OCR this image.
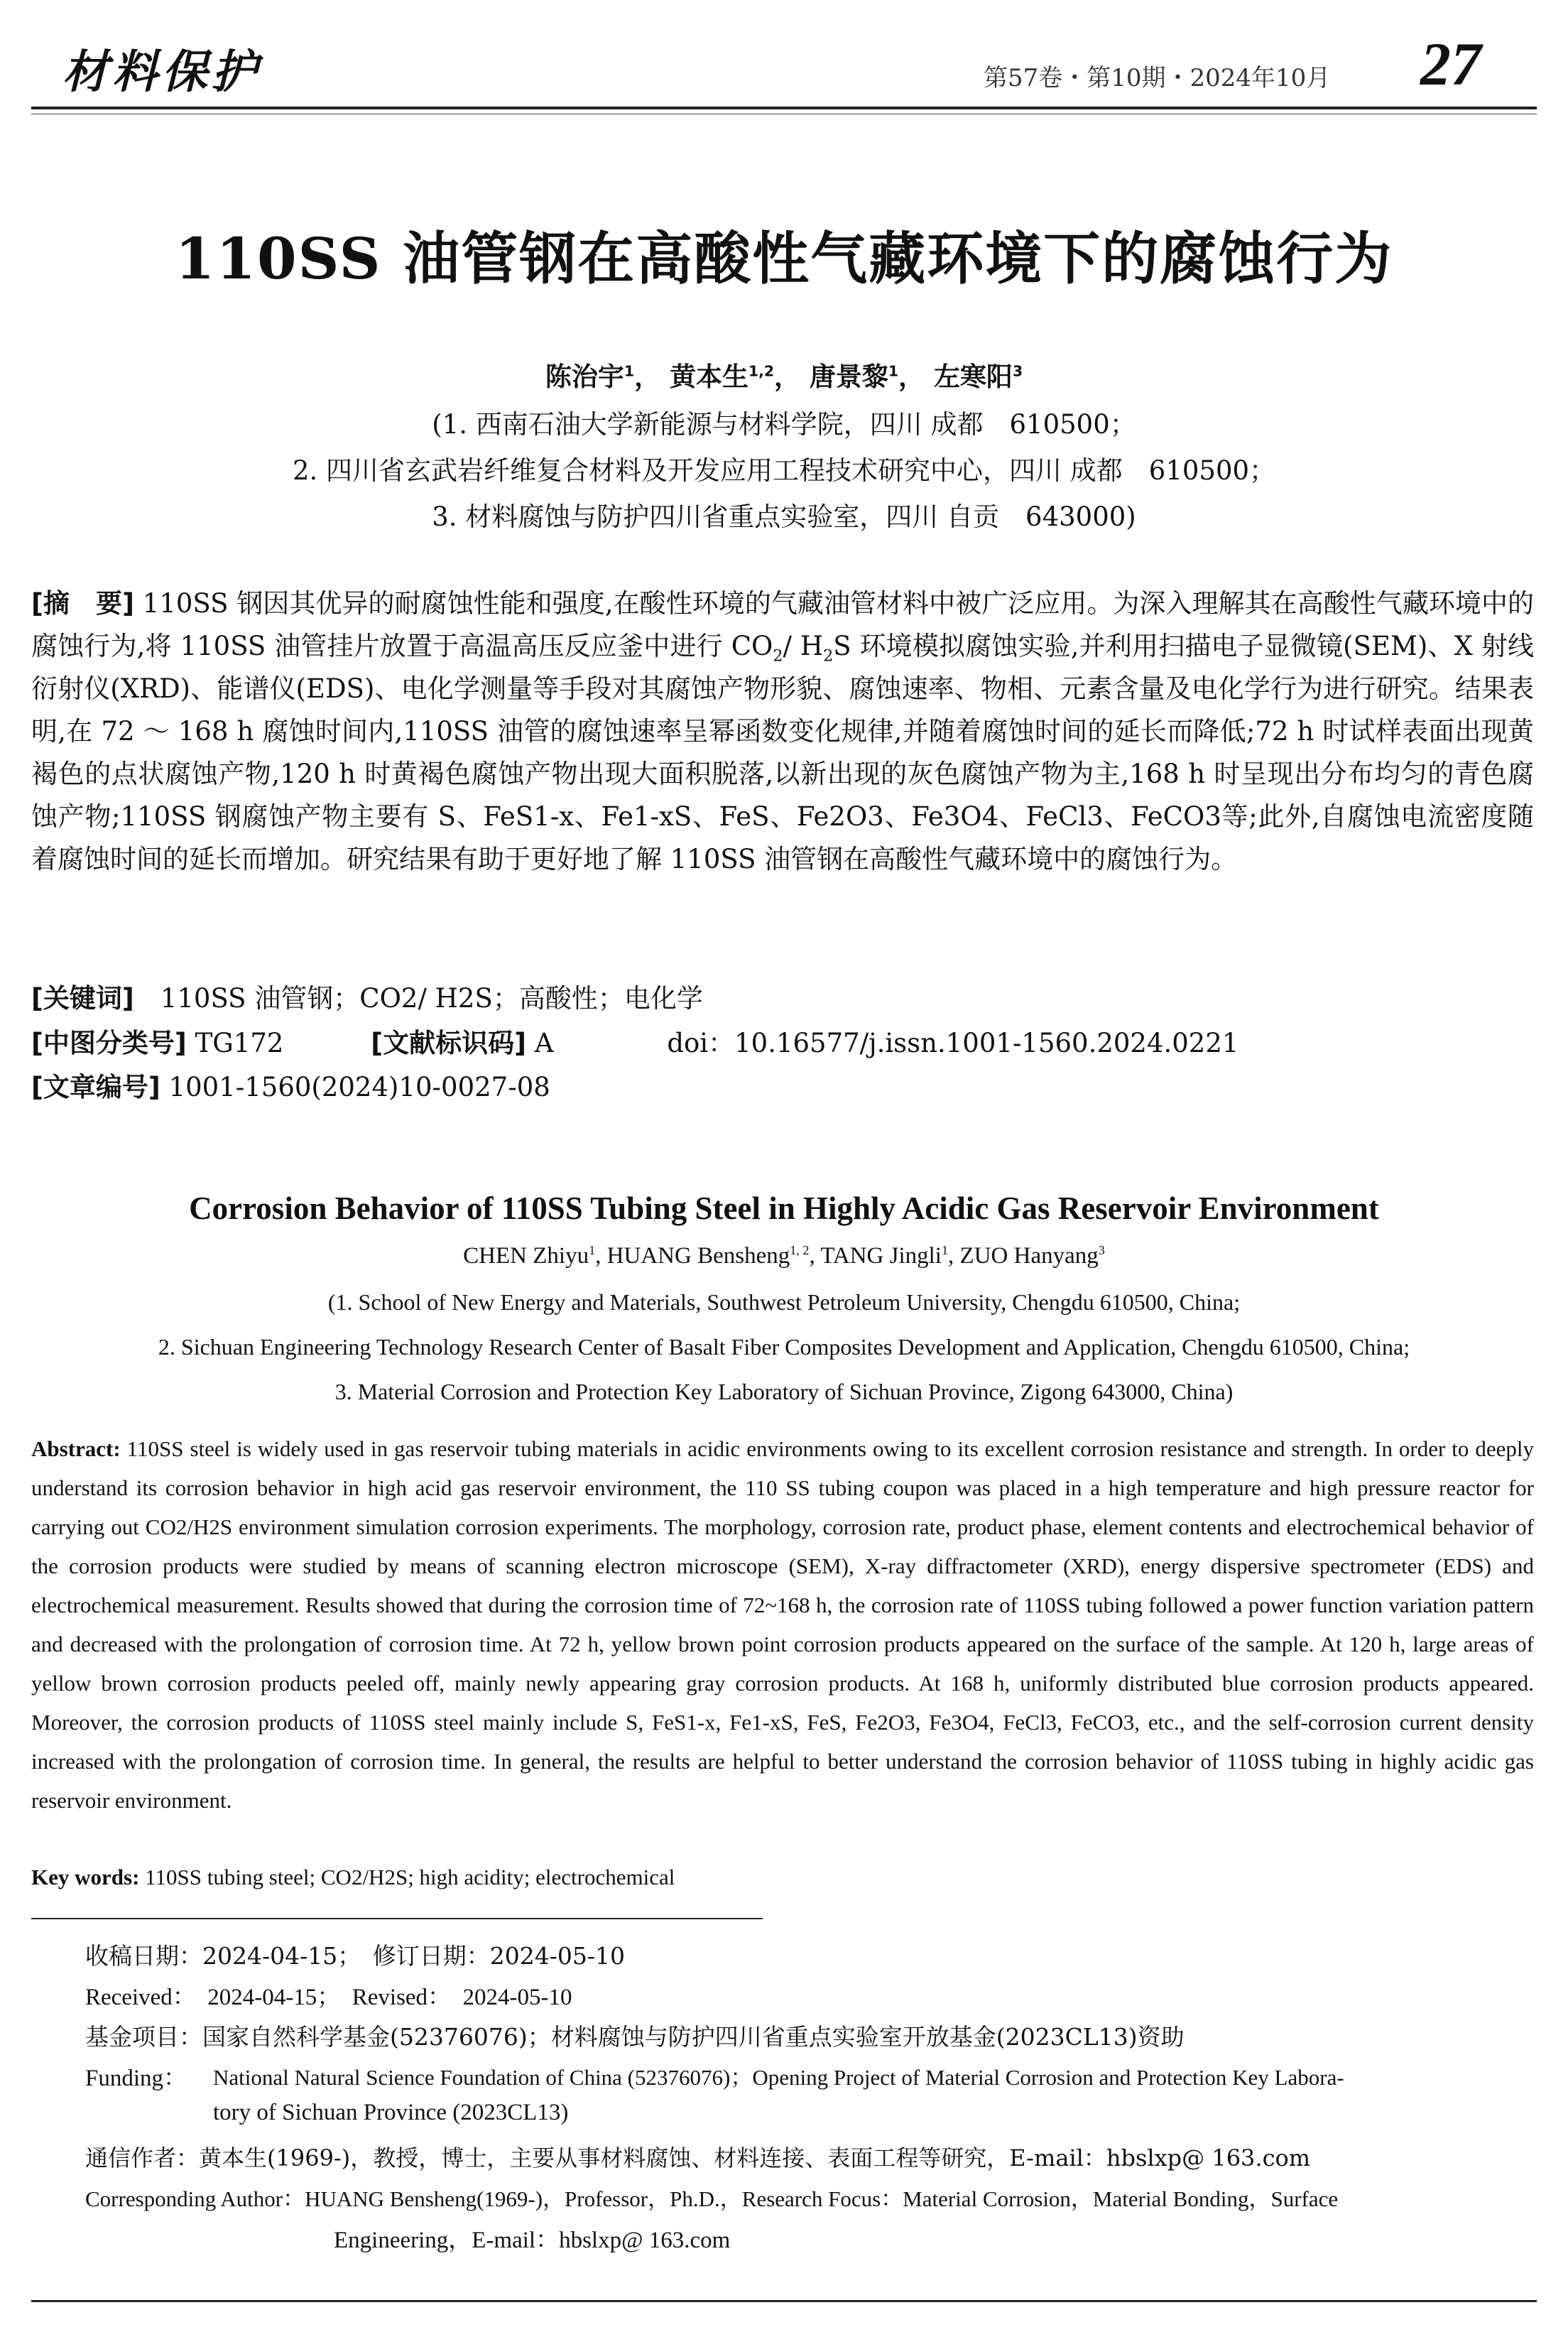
材料保护	第57卷・第10期・2024年10月 27
110SS 油管钢在高酸性气藏环境下的腐蚀行为
陈治宇$^1$， 黄本生$^{1,2}$， 唐景黎$^1$， 左寒阳$^3$
(1. 西南石油大学新能源与材料学院，四川 成都　610500；
2. 四川省玄武岩纤维复合材料及开发应用工程技术研究中心，四川 成都　610500；
3. 材料腐蚀与防护四川省重点实验室，四川 自贡　643000)
[摘　要] 110SS 钢因其优异的耐腐蚀性能和强度,在酸性环境的气藏油管材料中被广泛应用。为深入理解其在高酸性气藏环境中的腐蚀行为,将 110SS 油管挂片放置于高温高压反应釜中进行 $CO_2/$ $H_2S$ 环境模拟腐蚀实验,并利用扫描电子显微镜(SEM)、X 射线衍射仪(XRD)、能谱仪(EDS)、电化学测量等手段对其腐蚀产物形貌、腐蚀速率、物相、元素含量及电化学行为进行研究。结果表明,在 72 ～ 168 h 腐蚀时间内,110SS 油管的腐蚀速率呈幂函数变化规律,并随着腐蚀时间的延长而降低;72 h 时试样表面出现黄褐色的点状腐蚀产物,120 h 时黄褐色腐蚀产物出现大面积脱落,以新出现的灰色腐蚀产物为主,168 h 时呈现出分布均匀的青色腐蚀产物;110SS 钢腐蚀产物主要有 S、FeS1-x、Fe1-xS、FeS、Fe2O3、Fe3O4、FeCl3、FeCO3等;此外,自腐蚀电流密度随着腐蚀时间的延长而增加。研究结果有助于更好地了解 110SS 油管钢在高酸性气藏环境中的腐蚀行为。
[关键词]　 110SS 油管钢；CO2/ H2S；高酸性；电化学
[中图分类号] TG172　　　	[文献标识码] A　　　　	doi：10.16577/j.issn.1001-1560.2024.0221
[文章编号] 1001-1560(2024)10-0027-08
Corrosion Behavior of 110SS Tubing Steel in Highly Acidic Gas Reservoir Environment
CHEN Zhiyu$^1$, HUANG Bensheng$^{1, 2}$, TANG Jingli$^1$, ZUO Hanyang$^3$
(1. School of New Energy and Materials, Southwest Petroleum University, Chengdu 610500, China;
2. Sichuan Engineering Technology Research Center of Basalt Fiber Composites Development and Application, Chengdu 610500, China;
3. Material Corrosion and Protection Key Laboratory of Sichuan Province, Zigong 643000, China)
Abstract: 110SS steel is widely used in gas reservoir tubing materials in acidic environments owing to its excellent corrosion resistance and strength. In order to deeply understand its corrosion behavior in high acid gas reservoir environment, the 110 SS tubing coupon was placed in a high temperature and high pressure reactor for carrying out CO2/H2S environment simulation corrosion experiments. The morphology, corrosion rate, product phase, element contents and electrochemical behavior of the corrosion products were studied by means of scanning electron microscope (SEM), X-ray diffractometer (XRD), energy dispersive spectrometer (EDS) and electrochemical measurement. Results showed that during the corrosion time of 72~168 h, the corrosion rate of 110SS tubing followed a power function variation pattern and decreased with the prolongation of corrosion time. At 72 h, yellow brown point corrosion products appeared on the surface of the sample. At 120 h, large areas of yellow brown corrosion products peeled off, mainly newly appearing gray corrosion products. At 168 h, uniformly distributed blue corrosion products appeared. Moreover, the corrosion products of 110SS steel mainly include S, FeS1-x, Fe1-xS, FeS, Fe2O3, Fe3O4, FeCl3, FeCO3, etc., and the self-corrosion current density increased with the prolongation of corrosion time. In general, the results are helpful to better understand the corrosion behavior of 110SS tubing in highly acidic gas reservoir environment.
Key words: 110SS tubing steel; CO2/H2S; high acidity; electrochemical
收稿日期：2024-04-15；　修订日期：2024-05-10
Received：　2024-04-15；　Revised：　2024-05-10
基金项目：国家自然科学基金(52376076)；材料腐蚀与防护四川省重点实验室开放基金(2023CL13)资助
Funding： National Natural Science Foundation of China (52376076)；Opening Project of Material Corrosion and Protection Key Labora-
tory of Sichuan Province (2023CL13)
通信作者：黄本生(1969-)，教授，博士，主要从事材料腐蚀、材料连接、表面工程等研究，E-mail：hbslxp@ 163.com
Corresponding Author：HUANG Bensheng(1969-)，Professor，Ph.D.，Research Focus：Material Corrosion，Material Bonding，Surface
Engineering，E-mail：hbslxp@ 163.com
